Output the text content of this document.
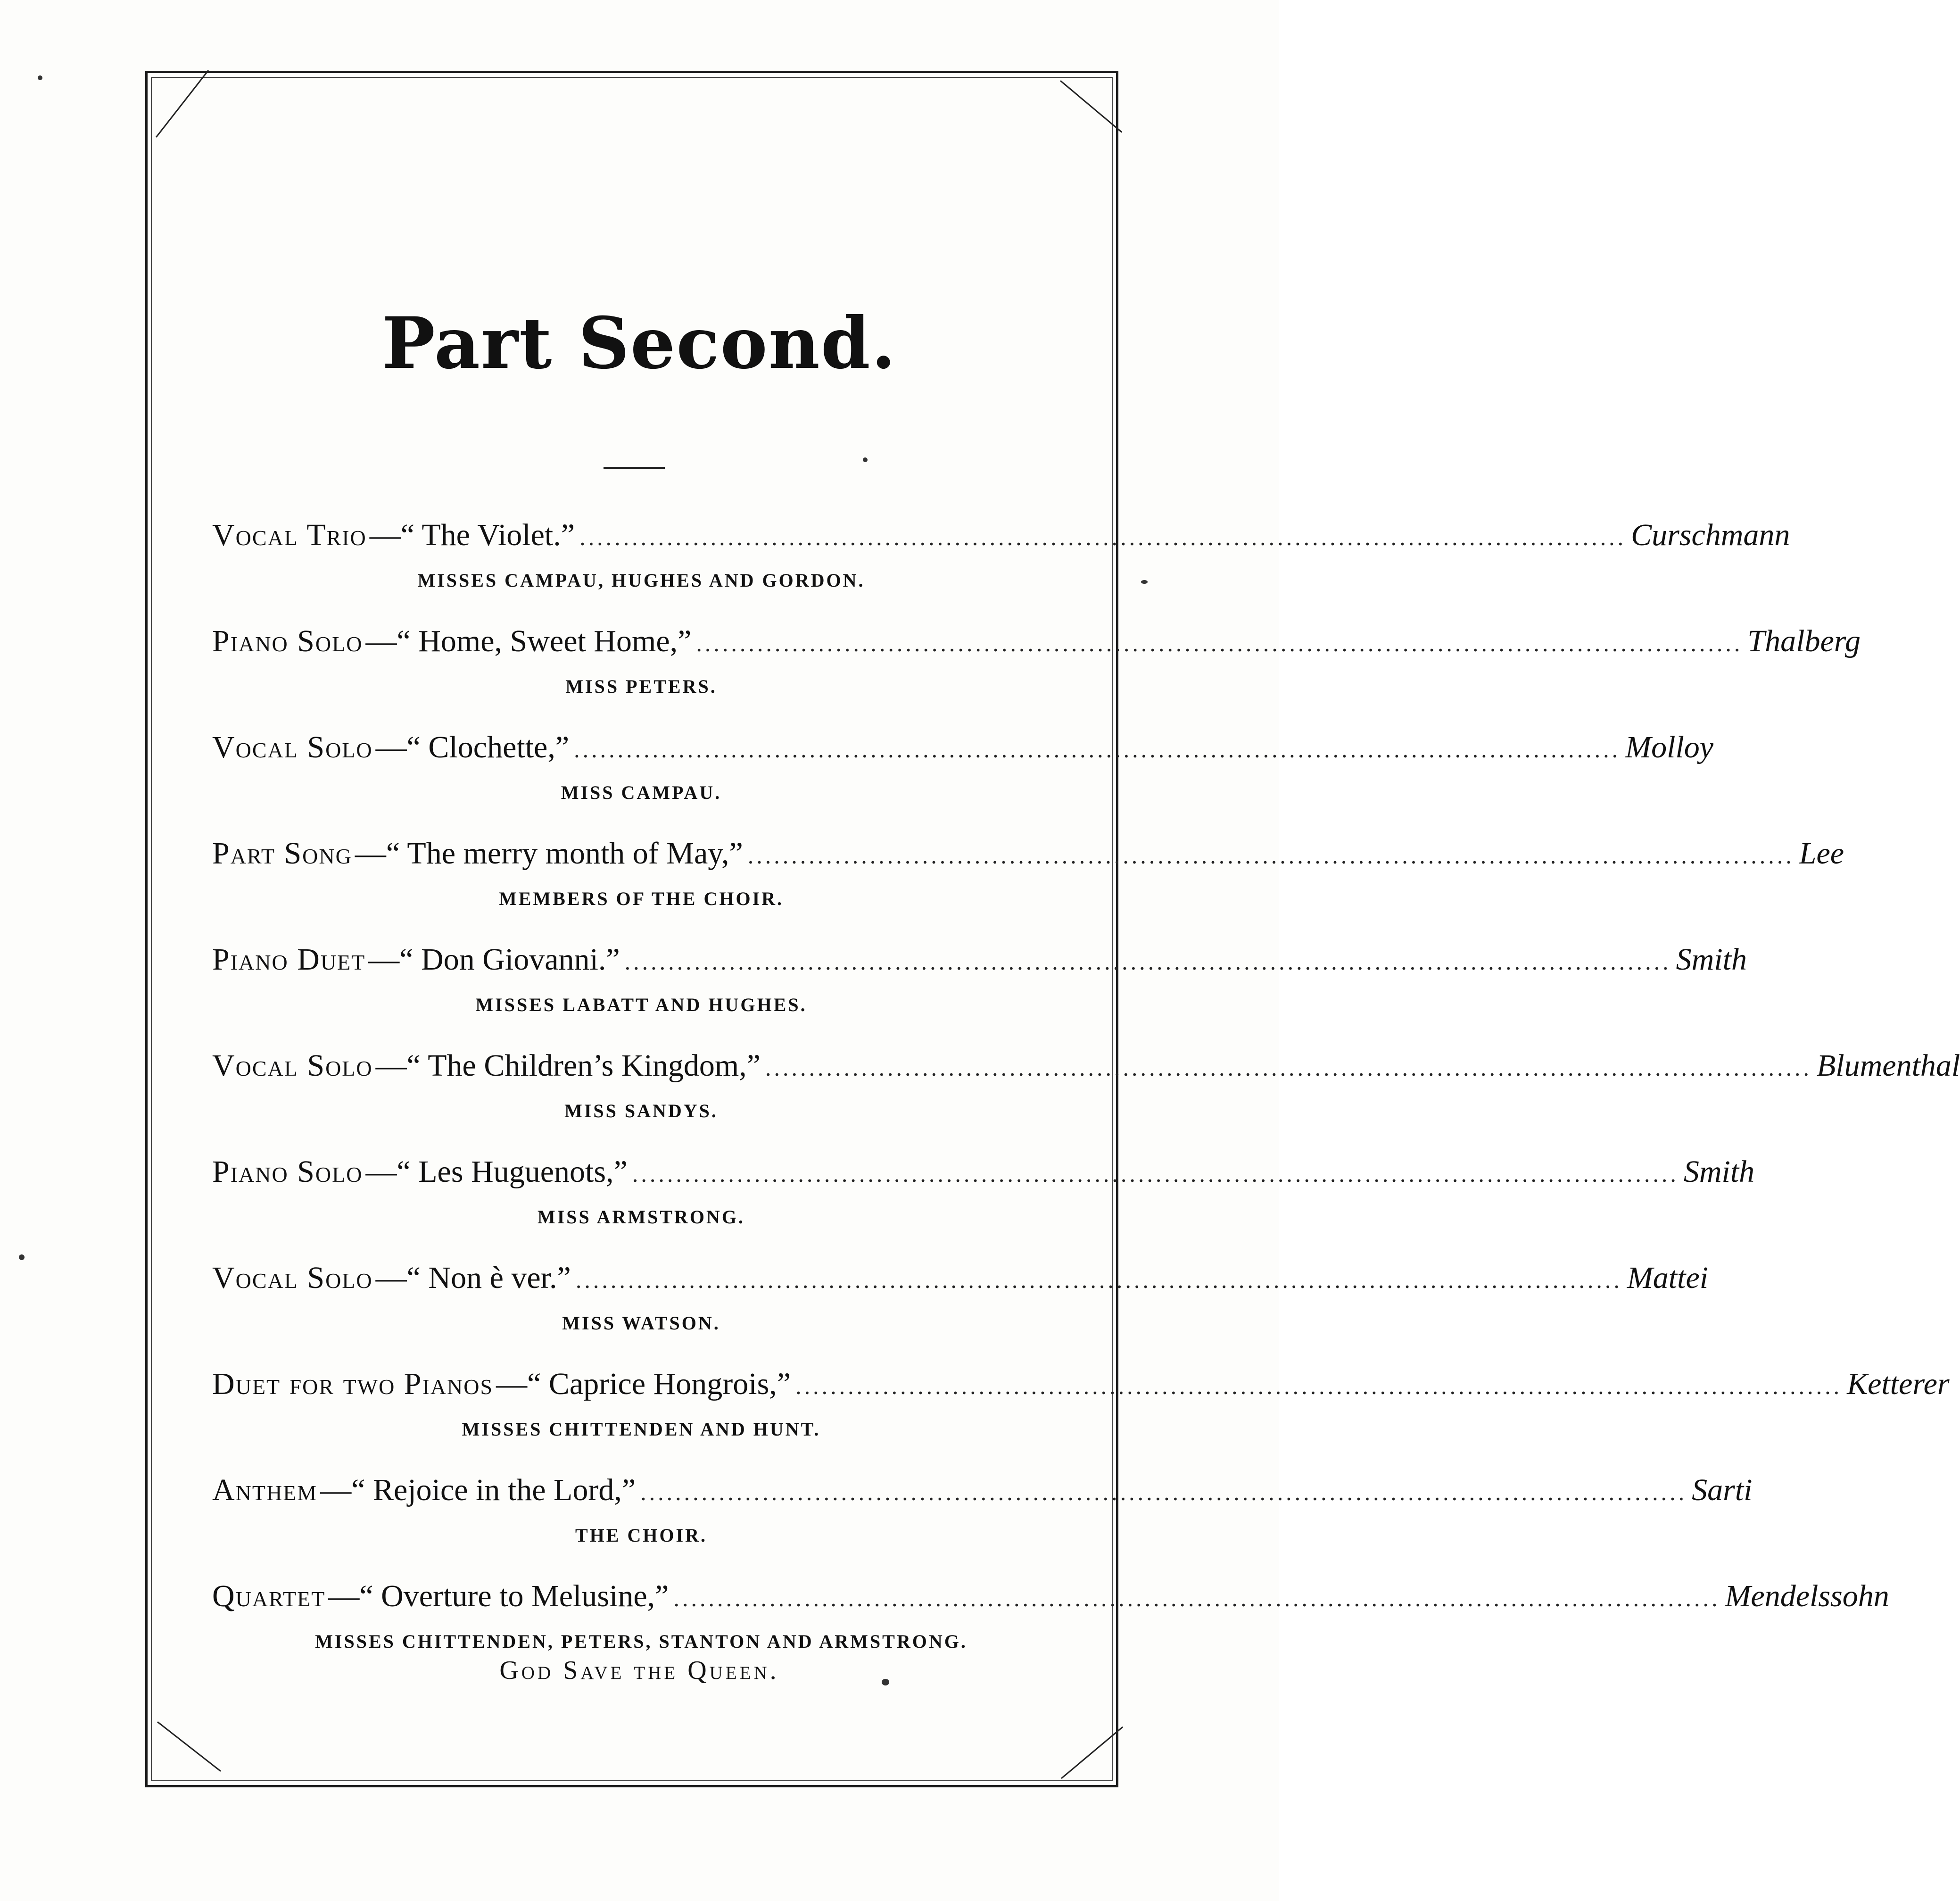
Part Second.
Vocal Trio —“ The Violet.” ........................................................................................................................ Curschmann
MISSES CAMPAU, HUGHES AND GORDON.
Piano Solo —“ Home, Sweet Home,” ........................................................................................................................ Thalberg
MISS PETERS.
Vocal Solo —“ Clochette,” ........................................................................................................................ Molloy
MISS CAMPAU.
Part Song —“ The merry month of May,” ........................................................................................................................ Lee
MEMBERS OF THE CHOIR.
Piano Duet —“ Don Giovanni.” ........................................................................................................................ Smith
MISSES LABATT AND HUGHES.
Vocal Solo —“ The Children’s Kingdom,” ........................................................................................................................ Blumenthal
MISS SANDYS.
Piano Solo —“ Les Huguenots,” ........................................................................................................................ Smith
MISS ARMSTRONG.
Vocal Solo —“ Non è ver.” ........................................................................................................................ Mattei
MISS WATSON.
Duet for two Pianos —“ Caprice Hongrois,” ........................................................................................................................ Ketterer
MISSES CHITTENDEN AND HUNT.
Anthem —“ Rejoice in the Lord,” ........................................................................................................................ Sarti
THE CHOIR.
Quartet —“ Overture to Melusine,” ........................................................................................................................ Mendelssohn
MISSES CHITTENDEN, PETERS, STANTON AND ARMSTRONG.
God Save the Queen.
